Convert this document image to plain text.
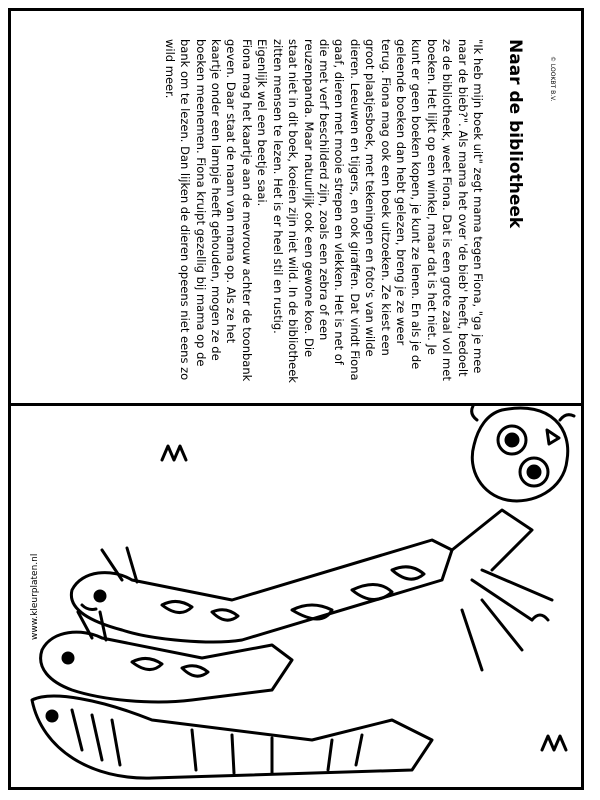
Naar de bibliotheek

"Ik heb mijn boek uit" zegt mama tegen Fiona, "ga je mee naar de bieb?". Als mama het over 'de bieb' heeft, bedoelt ze de bibliotheek, weet Fiona. Dat is een grote zaal vol met boeken. Het lijkt op een winkel, maar dat is het niet. Je kunt er geen boeken kopen, je kunt ze lenen. En als je de geleende boeken dan hebt gelezen, breng je ze weer terug. Fiona mag ook een boek uitzoeken. Ze kiest een groot plaatjesboek, met tekeningen en foto's van wilde dieren. Leeuwen en tijgers, en ook giraffen. Dat vindt Fiona gaaf, dieren met mooie strepen en vlekken. Het is net of die met verf beschilderd zijn, zoals een zebra of een reuzenpanda. Maar natuurlijk ook een gewone koe. Die staat niet in dit boek, koeien zijn niet wild. In de bibliotheek zitten mensen te lezen. Het is er heel stil en rustig. Eigenlijk wel een beetje saai.

Fiona mag het kaartje aan de mevrouw achter de toonbank geven. Daar staat de naam van mama op. Als ze het kaartje onder een lampje heeft gehouden, mogen ze de boeken meenemen. Fiona kruipt gezellig bij mama op de bank om te lezen. Dan lijken de dieren opeens niet eens zo wild meer.	© LOOKBT B.V.
www.kleurplaten.nl
